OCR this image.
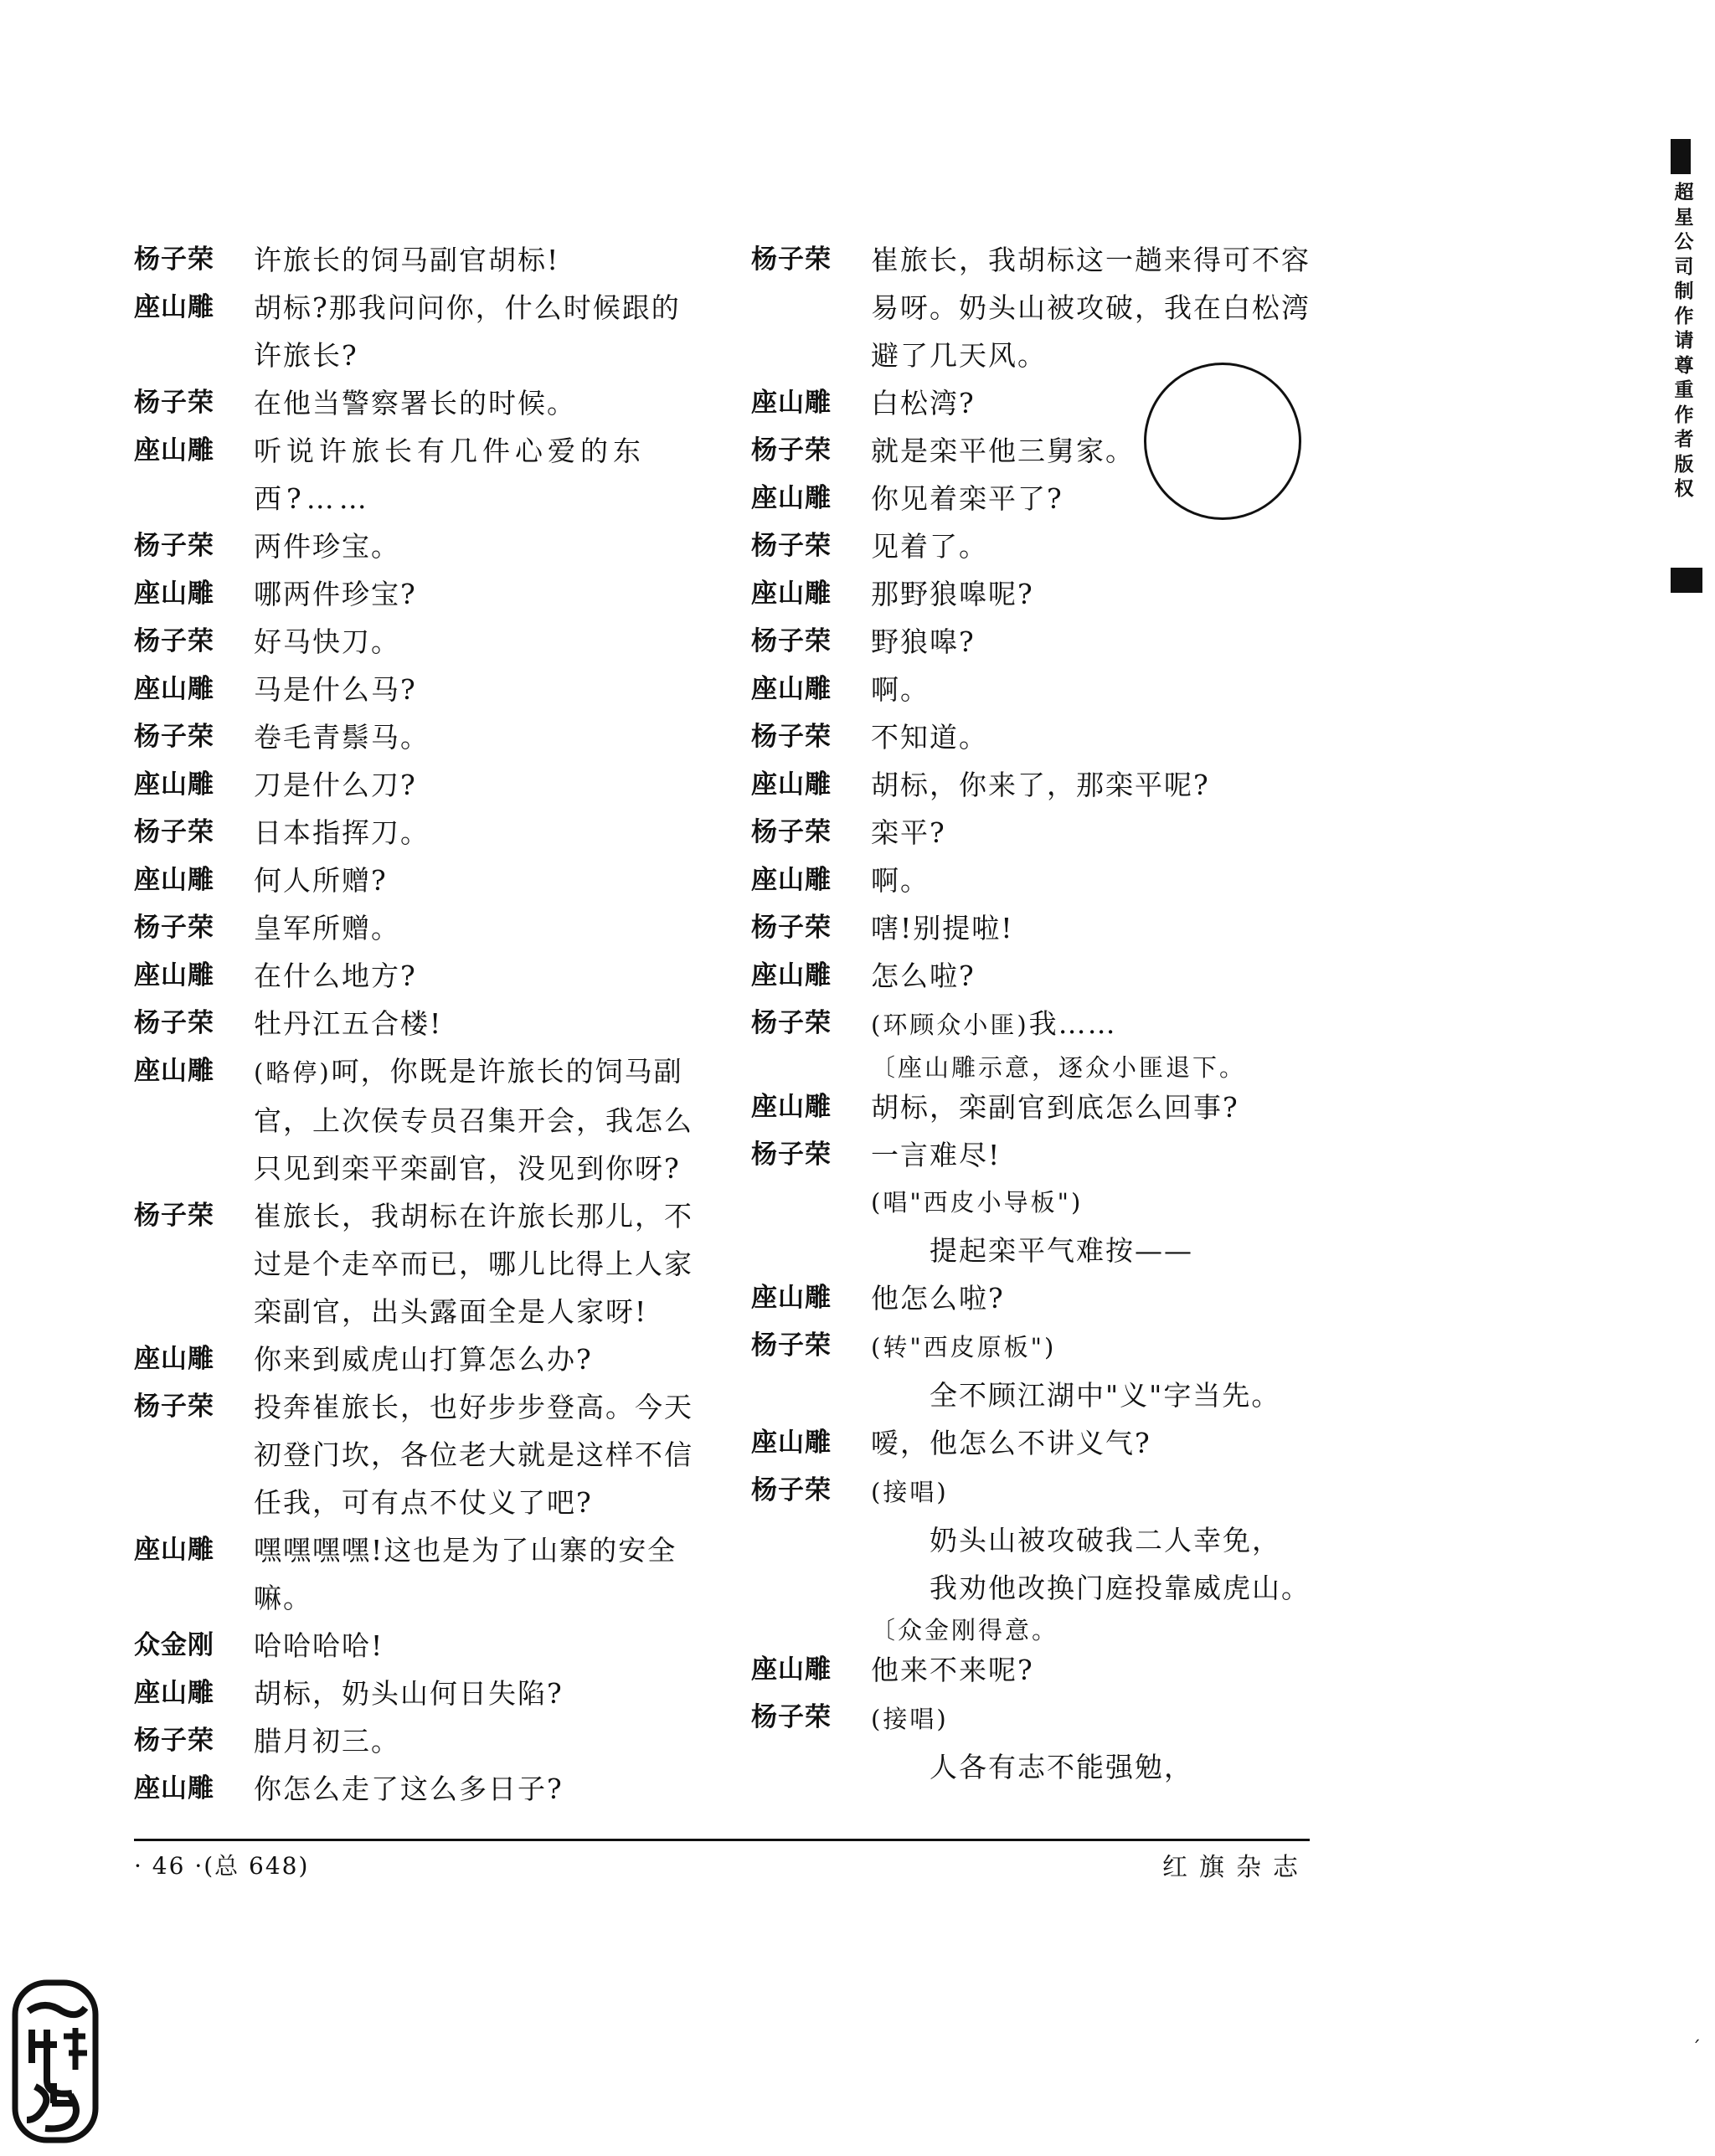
超
星
公
司
制
作
请
尊
重
作
者
版
权
杨子荣	许旅长的饲马副官胡标!
座山雕	胡标?那我问问你，什么时候跟的
许旅长?
杨子荣	在他当警察署长的时候。
座山雕	听说许旅长有几件心爱的东
西?……
杨子荣	两件珍宝。
座山雕	哪两件珍宝?
杨子荣	好马快刀。
座山雕	马是什么马?
杨子荣	卷毛青鬃马。
座山雕	刀是什么刀?
杨子荣	日本指挥刀。
座山雕	何人所赠?
杨子荣	皇军所赠。
座山雕	在什么地方?
杨子荣	牡丹江五合楼!
座山雕	(略停)呵，你既是许旅长的饲马副
官，上次侯专员召集开会，我怎么
只见到栾平栾副官，没见到你呀?
杨子荣	崔旅长，我胡标在许旅长那儿，不
过是个走卒而已，哪儿比得上人家
栾副官，出头露面全是人家呀!
座山雕	你来到威虎山打算怎么办?
杨子荣	投奔崔旅长，也好步步登高。今天
初登门坎，各位老大就是这样不信
任我，可有点不仗义了吧?
座山雕	嘿嘿嘿嘿!这也是为了山寨的安全
嘛。
众金刚	哈哈哈哈!
座山雕	胡标，奶头山何日失陷?
杨子荣	腊月初三。
座山雕	你怎么走了这么多日子?
杨子荣	崔旅长，我胡标这一趟来得可不容
易呀。奶头山被攻破，我在白松湾
避了几天风。
座山雕	白松湾?
杨子荣	就是栾平他三舅家。
座山雕	你见着栾平了?
杨子荣	见着了。
座山雕	那野狼嗥呢?
杨子荣	野狼嗥?
座山雕	啊。
杨子荣	不知道。
座山雕	胡标，你来了，那栾平呢?
杨子荣	栾平?
座山雕	啊。
杨子荣	嗐!别提啦!
座山雕	怎么啦?
杨子荣	(环顾众小匪)我……
〔座山雕示意，逐众小匪退下。
座山雕	胡标，栾副官到底怎么回事?
杨子荣	一言难尽!
(唱"西皮小导板")
提起栾平气难按——
座山雕	他怎么啦?
杨子荣	(转"西皮原板")
全不顾江湖中"义"字当先。
座山雕	嗳，他怎么不讲义气?
杨子荣	(接唱)
奶头山被攻破我二人幸免，
我劝他改换门庭投靠威虎山。
〔众金刚得意。
座山雕	他来不来呢?
杨子荣	(接唱)
人各有志不能强勉，
· 46 ·(总 648)	红旗杂志
ˊ
